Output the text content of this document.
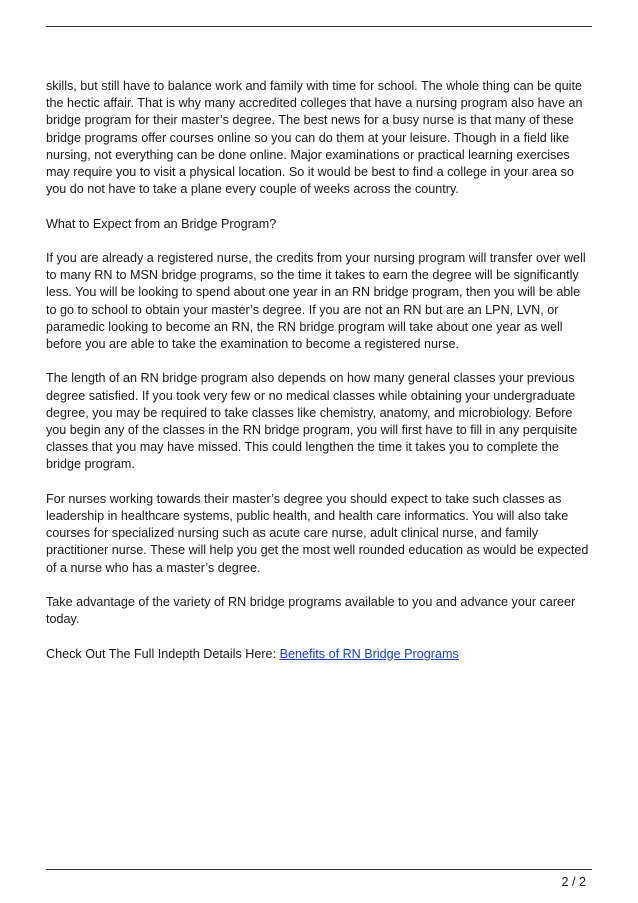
skills, but still have to balance work and family with time for school. The whole thing can be quite the hectic affair. That is why many accredited colleges that have a nursing program also have an bridge program for their master’s degree. The best news for a busy nurse is that many of these bridge programs offer courses online so you can do them at your leisure. Though in a field like nursing, not everything can be done online. Major examinations or practical learning exercises may require you to visit a physical location. So it would be best to find a college in your area so you do not have to take a plane every couple of weeks across the country.

What to Expect from an Bridge Program?

If you are already a registered nurse, the credits from your nursing program will transfer over well to many RN to MSN bridge programs, so the time it takes to earn the degree will be significantly less. You will be looking to spend about one year in an RN bridge program, then you will be able to go to school to obtain your master’s degree. If you are not an RN but are an LPN, LVN, or paramedic looking to become an RN, the RN bridge program will take about one year as well before you are able to take the examination to become a registered nurse.

The length of an RN bridge program also depends on how many general classes your previous degree satisfied. If you took very few or no medical classes while obtaining your undergraduate degree, you may be required to take classes like chemistry, anatomy, and microbiology. Before you begin any of the classes in the RN bridge program, you will first have to fill in any perquisite classes that you may have missed. This could lengthen the time it takes you to complete the bridge program.

For nurses working towards their master’s degree you should expect to take such classes as leadership in healthcare systems, public health, and health care informatics. You will also take courses for specialized nursing such as acute care nurse, adult clinical nurse, and family practitioner nurse. These will help you get the most well rounded education as would be expected of a nurse who has a master’s degree.

Take advantage of the variety of RN bridge programs available to you and advance your career today.

Check Out The Full Indepth Details Here: Benefits of RN Bridge Programs

2 / 2
